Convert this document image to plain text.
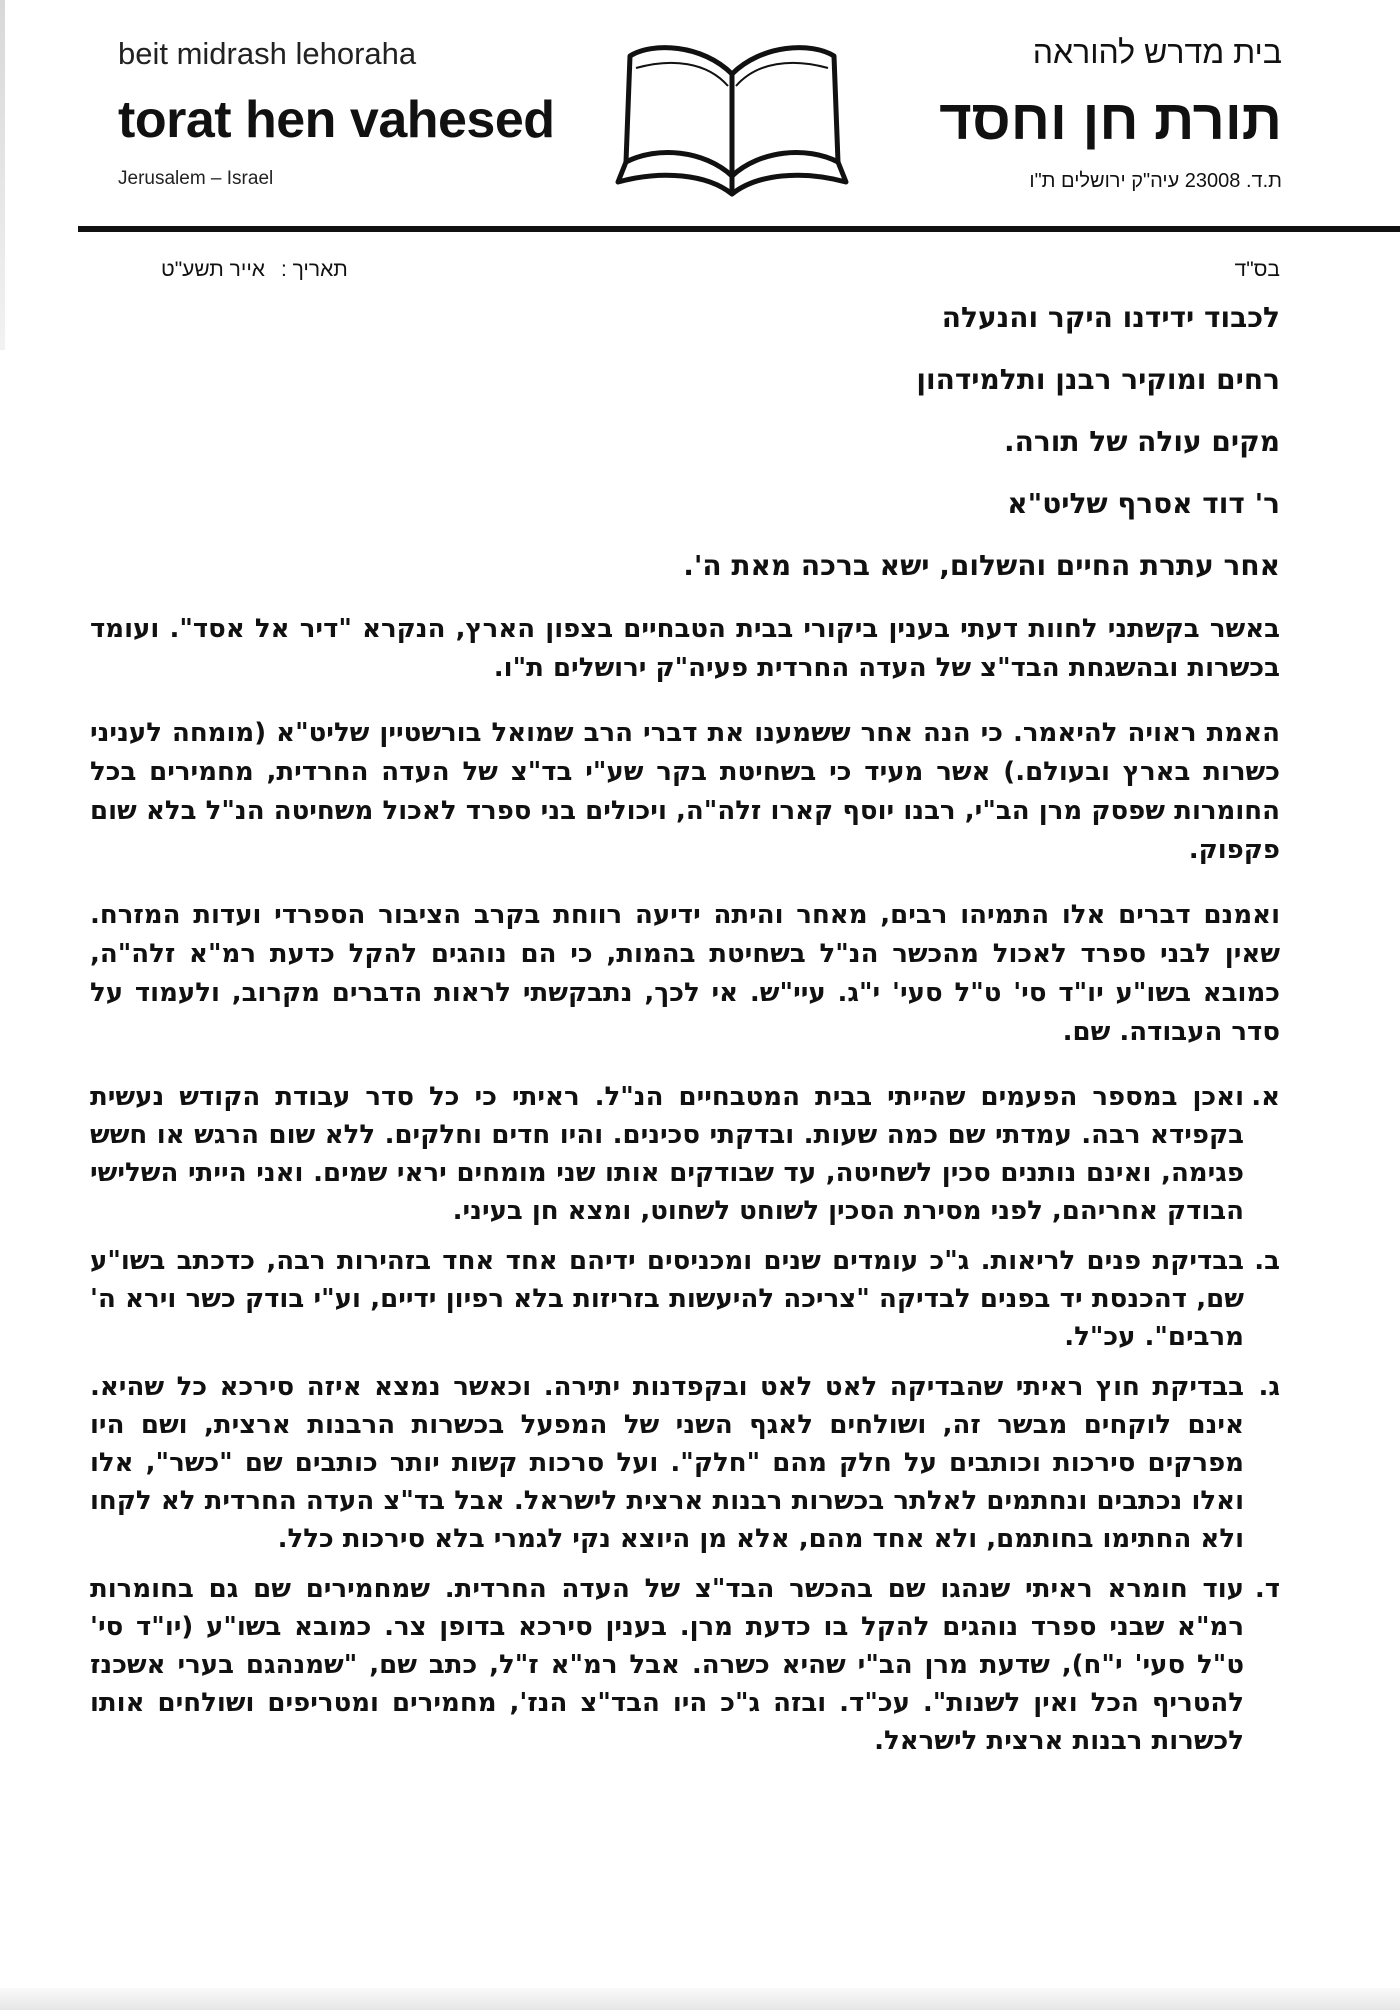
beit midrash lehoraha
torat hen vahesed
Jerusalem – Israel
בית מדרש להוראה
תורת חן וחסד
ת.ד. 23008 עיה"ק ירושלים ת"ו
בס"ד
תאריך :אייר תשע"ט

לכבוד ידידנו היקר והנעלה

רחים ומוקיר רבנן ותלמידהון

מקים עולה של תורה.

ר' דוד אסרף שליט"א

אחר עתרת החיים והשלום, ישא ברכה מאת ה'.

באשר בקשתני לחוות דעתי בענין ביקורי בבית הטבחיים בצפון הארץ, הנקרא "דיר אל אסד". ועומד בכשרות ובהשגחת הבד"צ של העדה החרדית פעיה"ק ירושלים ת"ו.

האמת ראויה להיאמר. כי הנה אחר ששמענו את דברי הרב שמואל בורשטיין שליט"א (מומחה לעניני כשרות בארץ ובעולם.) אשר מעיד כי בשחיטת בקר שע"י בד"צ של העדה החרדית, מחמירים בכל החומרות שפסק מרן הב"י, רבנו יוסף קארו זלה"ה, ויכולים בני ספרד לאכול משחיטה הנ"ל בלא שום פקפוק.

ואמנם דברים אלו התמיהו רבים, מאחר והיתה ידיעה רווחת בקרב הציבור הספרדי ועדות המזרח. שאין לבני ספרד לאכול מהכשר הנ"ל בשחיטת בהמות, כי הם נוהגים להקל כדעת רמ"א זלה"ה, כמובא בשו"ע יו"ד סי' ט"ל סעי' י"ג. עיי"ש. אי לכך, נתבקשתי לראות הדברים מקרוב, ולעמוד על סדר העבודה. שם.

א.
ואכן במספר הפעמים שהייתי בבית המטבחיים הנ"ל. ראיתי כי כל סדר עבודת הקודש נעשית בקפידא רבה. עמדתי שם כמה שעות. ובדקתי סכינים. והיו חדים וחלקים. ללא שום הרגש או חשש פגימה, ואינם נותנים סכין לשחיטה, עד שבודקים אותו שני מומחים יראי שמים. ואני הייתי השלישי הבודק אחריהם, לפני מסירת הסכין לשוחט לשחוט, ומצא חן בעיני.
ב.
בבדיקת פנים לריאות. ג"כ עומדים שנים ומכניסים ידיהם אחד אחד בזהירות רבה, כדכתב בשו"ע שם, דהכנסת יד בפנים לבדיקה "צריכה להיעשות בזריזות בלא רפיון ידיים, וע"י בודק כשר וירא ה' מרבים". עכ"ל.
ג.
בבדיקת חוץ ראיתי שהבדיקה לאט לאט ובקפדנות יתירה. וכאשר נמצא איזה סירכא כל שהיא. אינם לוקחים מבשר זה, ושולחים לאגף השני של המפעל בכשרות הרבנות ארצית, ושם היו מפרקים סירכות וכותבים על חלק מהם "חלק". ועל סרכות קשות יותר כותבים שם "כשר", אלו ואלו נכתבים ונחתמים לאלתר בכשרות רבנות ארצית לישראל. אבל בד"צ העדה החרדית לא לקחו ולא החתימו בחותמם, ולא אחד מהם, אלא מן היוצא נקי לגמרי בלא סירכות כלל.
ד.
עוד חומרא ראיתי שנהגו שם בהכשר הבד"צ של העדה החרדית. שמחמירים שם גם בחומרות רמ"א שבני ספרד נוהגים להקל בו כדעת מרן. בענין סירכא בדופן צר. כמובא בשו"ע (יו"ד סי' ט"ל סעי' י"ח), שדעת מרן הב"י שהיא כשרה. אבל רמ"א ז"ל, כתב שם, "שמנהגם בערי אשכנז להטריף הכל ואין לשנות". עכ"ד. ובזה ג"כ היו הבד"צ הנז', מחמירים ומטריפים ושולחים אותו לכשרות רבנות ארצית לישראל.
